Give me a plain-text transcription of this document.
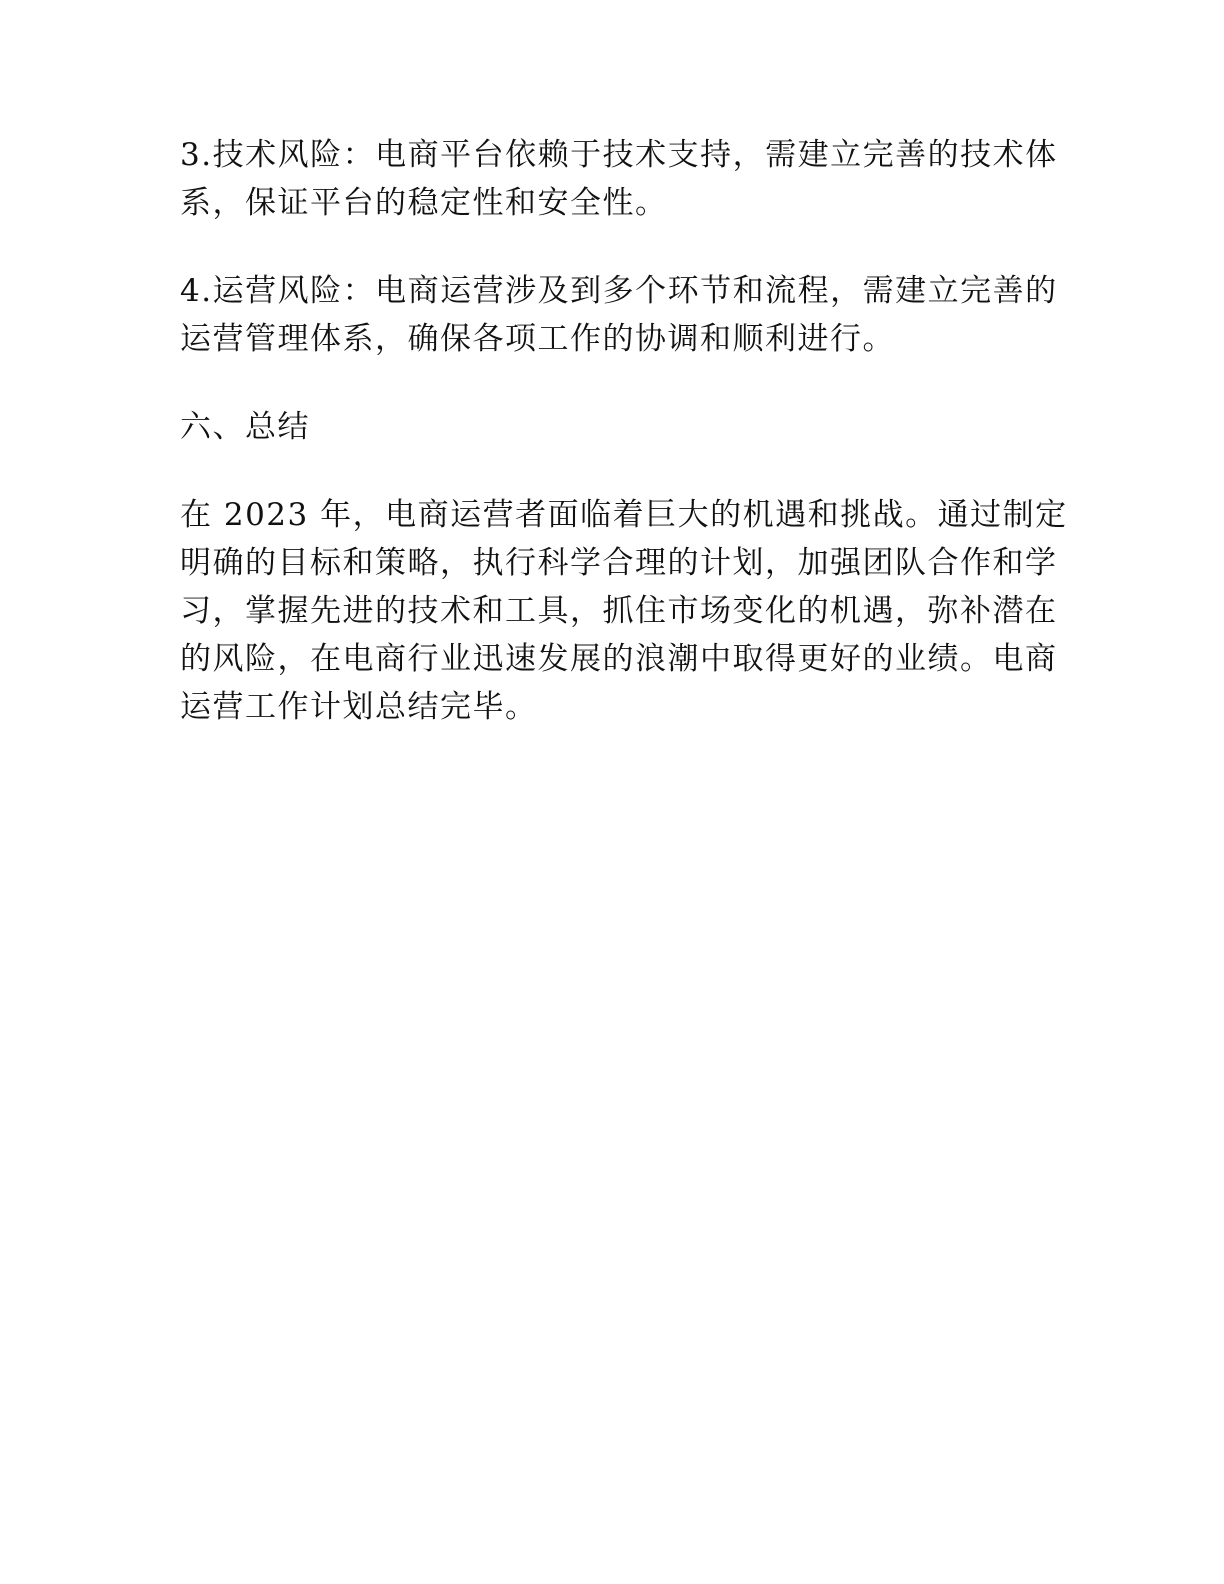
3.技术风险：电商平台依赖于技术支持，需建立完善的技术体
系，保证平台的稳定性和安全性。

4.运营风险：电商运营涉及到多个环节和流程，需建立完善的
运营管理体系，确保各项工作的协调和顺利进行。

六、总结

在 2023 年，电商运营者面临着巨大的机遇和挑战。通过制定
明确的目标和策略，执行科学合理的计划，加强团队合作和学
习，掌握先进的技术和工具，抓住市场变化的机遇，弥补潜在
的风险，在电商行业迅速发展的浪潮中取得更好的业绩。电商
运营工作计划总结完毕。
